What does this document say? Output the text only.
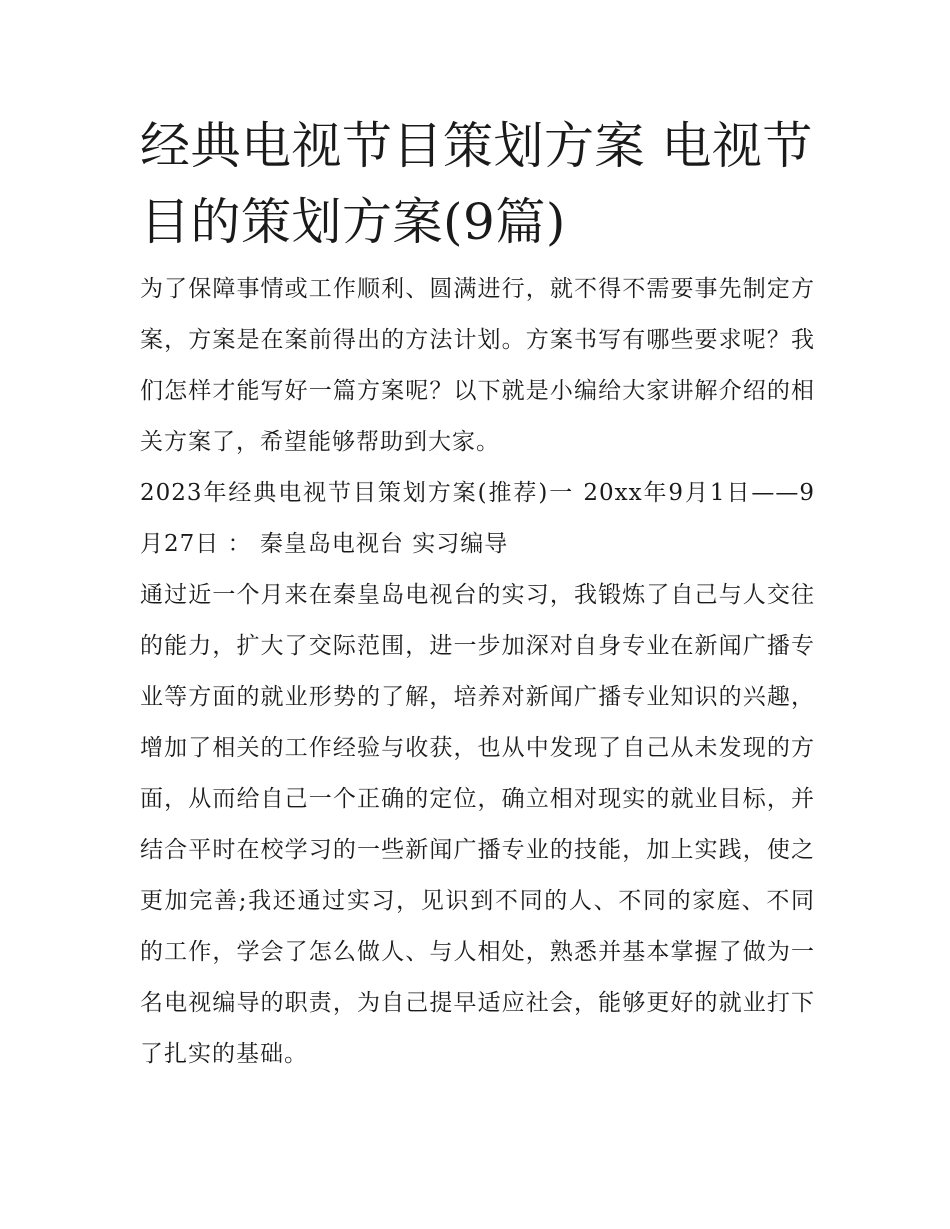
经典电视节目策划方案 电视节目的策划方案(9篇)

为了保障事情或工作顺利、圆满进行，就不得不需要事先制定方案，方案是在案前得出的方法计划。方案书写有哪些要求呢？我们怎样才能写好一篇方案呢？以下就是小编给大家讲解介绍的相关方案了，希望能够帮助到大家。

2023年经典电视节目策划方案(推荐)一 20xx年9月1日——9月27日 ： 秦皇岛电视台 实习编导

通过近一个月来在秦皇岛电视台的实习，我锻炼了自己与人交往的能力，扩大了交际范围，进一步加深对自身专业在新闻广播专业等方面的就业形势的了解，培养对新闻广播专业知识的兴趣，增加了相关的工作经验与收获，也从中发现了自己从未发现的方面，从而给自己一个正确的定位，确立相对现实的就业目标，并结合平时在校学习的一些新闻广播专业的技能，加上实践，使之更加完善;我还通过实习，见识到不同的人、不同的家庭、不同的工作，学会了怎么做人、与人相处，熟悉并基本掌握了做为一名电视编导的职责，为自己提早适应社会，能够更好的就业打下了扎实的基础。
